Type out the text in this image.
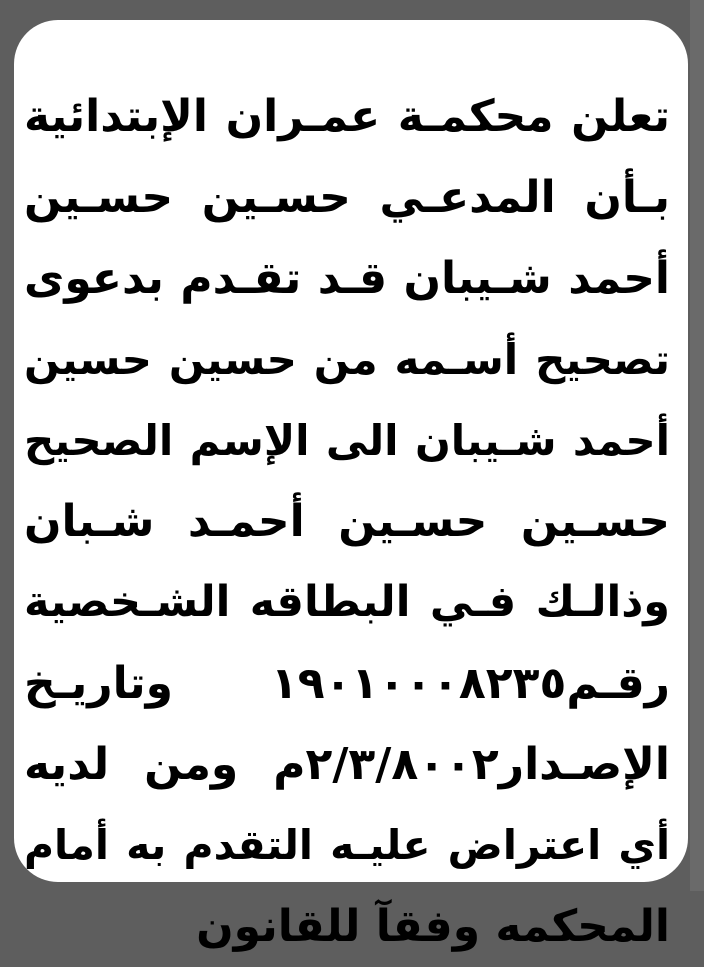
تعلن محكمـة عمـران الإبتدائية
بـأن المدعـي حسـين حسـين
أحمد شـيبان قـد تقـدم بدعوى
تصحيح أسـمه من حسين حسين
أحمد شـيبان الى الإسم الصحيح
حسـين حسـين أحمـد شـبان
وذالـك فـي البطاقه الشـخصية
رقـم١٩٠١٠٠٠٨٢٣٥ وتاريـخ
الإصـدار٢/٣/٨٠٠٢م ومن لديه
أي اعتراض عليـه التقدم به أمام
المحكمه وفقآ للقانون
